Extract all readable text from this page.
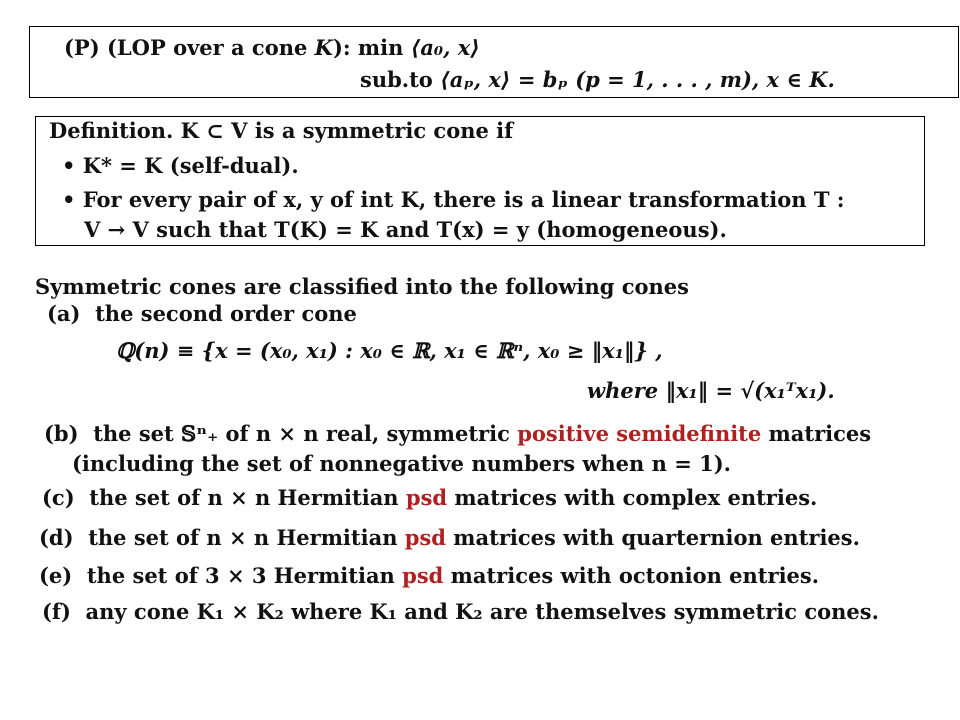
(P) (LOP over a cone K): min ⟨a₀, x⟩
sub.to ⟨aₚ, x⟩ = bₚ (p = 1, . . . , m), x ∈ K.
Definition. K ⊂ V is a symmetric cone if
• K* = K (self-dual).
• For every pair of x, y of int K, there is a linear transformation T :
V → V such that T(K) = K and T(x) = y (homogeneous).
Symmetric cones are classified into the following cones
(a) the second order cone
ℚ(n) ≡ {x = (x₀, x₁) : x₀ ∈ ℝ, x₁ ∈ ℝⁿ, x₀ ≥ ‖x₁‖} ,
where ‖x₁‖ = √(x₁ᵀx₁).
(b) the set 𝕊ⁿ₊ of n × n real, symmetric positive semidefinite matrices
(including the set of nonnegative numbers when n = 1).
(c) the set of n × n Hermitian psd matrices with complex entries.
(d) the set of n × n Hermitian psd matrices with quarternion entries.
(e) the set of 3 × 3 Hermitian psd matrices with octonion entries.
(f) any cone K₁ × K₂ where K₁ and K₂ are themselves symmetric cones.
